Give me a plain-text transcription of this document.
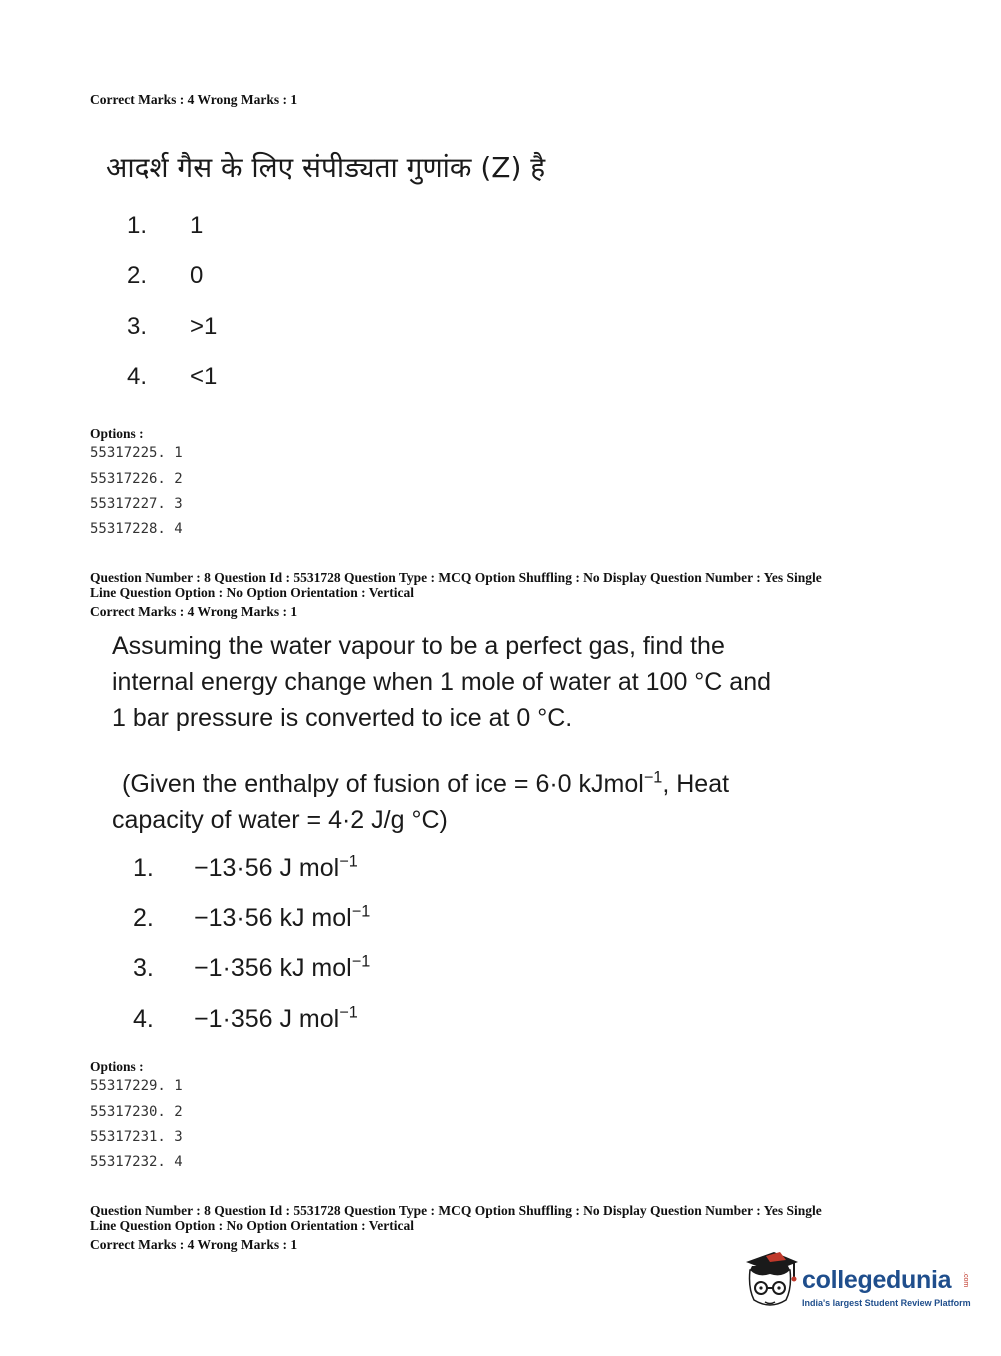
Correct Marks : 4 Wrong Marks : 1
आदर्श गैस के लिए संपीड्यता गुणांक (Z) है
1. 1
2. 0
3. >1
4. <1
Options :
55317225. 1
55317226. 2
55317227. 3
55317228. 4
Question Number : 8 Question Id : 5531728 Question Type : MCQ Option Shuffling : No Display Question Number : Yes Single
Line Question Option : No Option Orientation : Vertical
Correct Marks : 4 Wrong Marks : 1
Assuming the water vapour to be a perfect gas, find the
internal energy change when 1 mole of water at 100 °C and
1 bar pressure is converted to ice at 0 °C.
(Given the enthalpy of fusion of ice = 6·0 kJmol$^{-1}$, Heat
capacity of water = 4·2 J/g °C)
1. −13·56 J mol$^{-1}$
2. −13·56 kJ mol$^{-1}$
3. −1·356 kJ mol$^{-1}$
4. −1·356 J mol$^{-1}$
Options :
55317229. 1
55317230. 2
55317231. 3
55317232. 4
Question Number : 8 Question Id : 5531728 Question Type : MCQ Option Shuffling : No Display Question Number : Yes Single
Line Question Option : No Option Orientation : Vertical
Correct Marks : 4 Wrong Marks : 1
collegedunia .com
India's largest Student Review Platform
